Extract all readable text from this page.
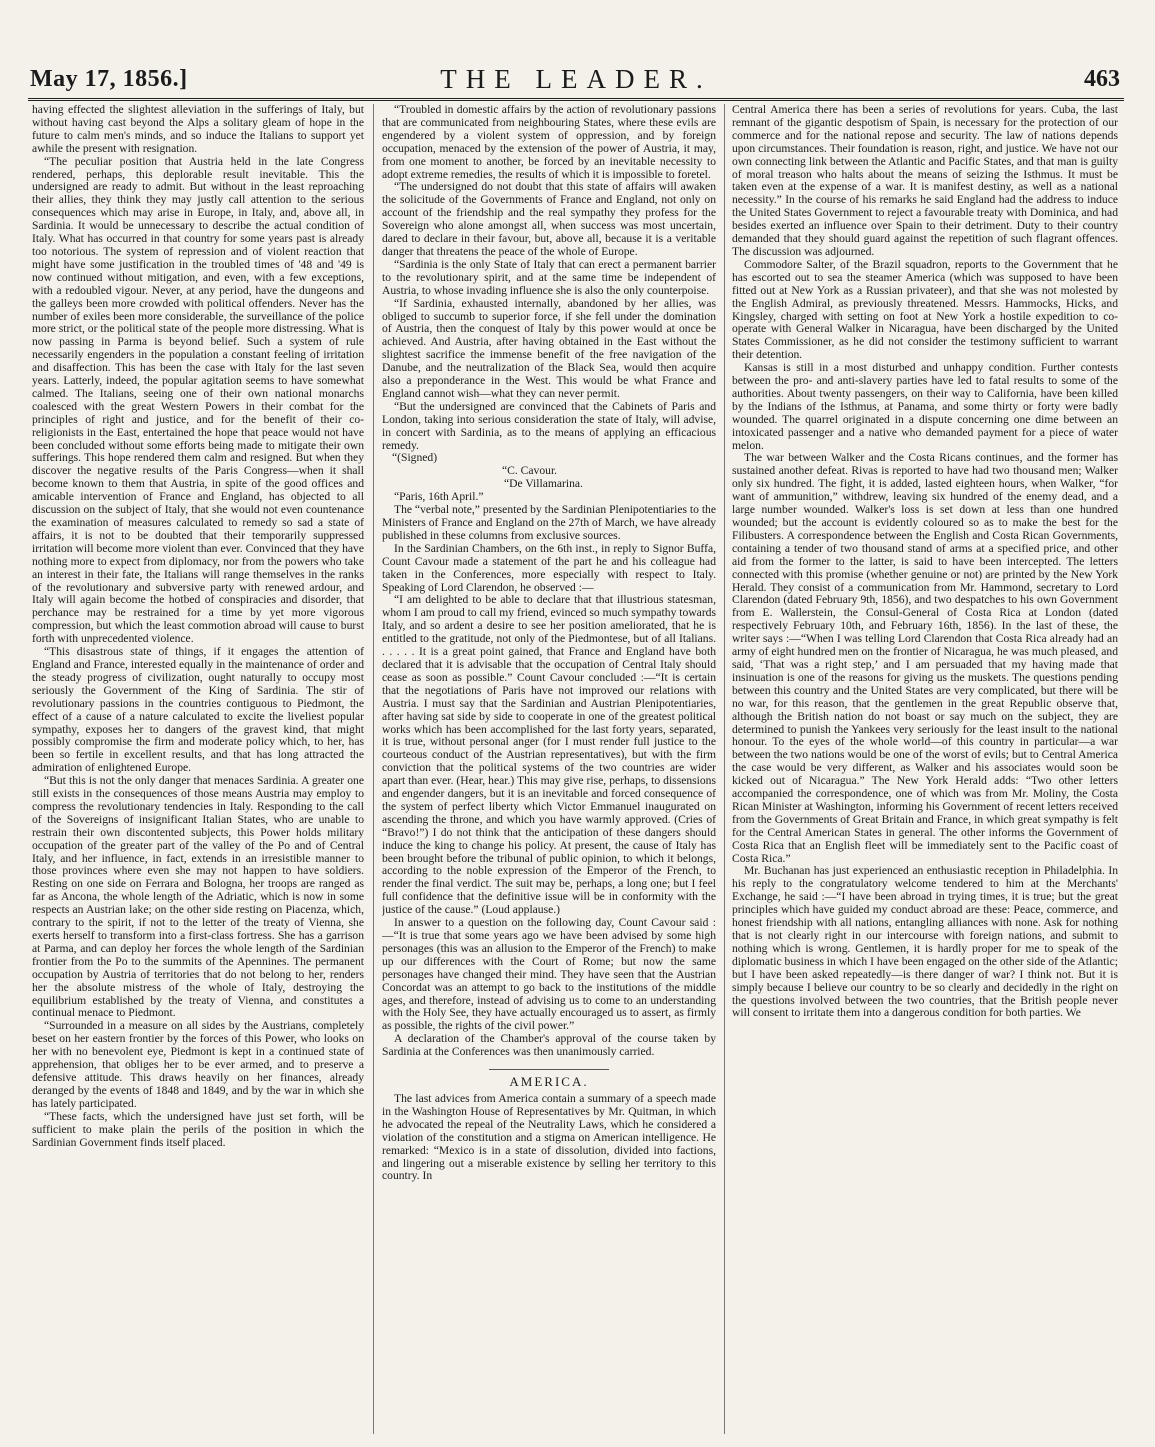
May 17, 1856.]	THE LEADER.	463

having effected the slightest alleviation in the sufferings of Italy, but without having cast beyond the Alps a solitary gleam of hope in the future to calm men's minds, and so induce the Italians to support yet awhile the present with resignation.

“The peculiar position that Austria held in the late Congress rendered, perhaps, this deplorable result inevitable. This the undersigned are ready to admit. But without in the least reproaching their allies, they think they may justly call attention to the serious consequences which may arise in Europe, in Italy, and, above all, in Sardinia. It would be unnecessary to describe the actual condition of Italy. What has occurred in that country for some years past is already too notorious. The system of repression and of violent reaction that might have some justification in the troubled times of '48 and '49 is now continued without mitigation, and even, with a few exceptions, with a redoubled vigour. Never, at any period, have the dungeons and the galleys been more crowded with political offenders. Never has the number of exiles been more considerable, the surveillance of the police more strict, or the political state of the people more distressing. What is now passing in Parma is beyond belief. Such a system of rule necessarily engenders in the population a constant feeling of irritation and disaffection. This has been the case with Italy for the last seven years. Latterly, indeed, the popular agitation seems to have somewhat calmed. The Italians, seeing one of their own national monarchs coalesced with the great Western Powers in their combat for the principles of right and justice, and for the benefit of their co-religionists in the East, entertained the hope that peace would not have been concluded without some efforts being made to mitigate their own sufferings. This hope rendered them calm and resigned. But when they discover the negative results of the Paris Congress—when it shall become known to them that Austria, in spite of the good offices and amicable intervention of France and England, has objected to all discussion on the subject of Italy, that she would not even countenance the examination of measures calculated to remedy so sad a state of affairs, it is not to be doubted that their temporarily suppressed irritation will become more violent than ever. Convinced that they have nothing more to expect from diplomacy, nor from the powers who take an interest in their fate, the Italians will range themselves in the ranks of the revolutionary and subversive party with renewed ardour, and Italy will again become the hotbed of conspiracies and disorder, that perchance may be restrained for a time by yet more vigorous compression, but which the least commotion abroad will cause to burst forth with unprecedented violence.

“This disastrous state of things, if it engages the attention of England and France, interested equally in the maintenance of order and the steady progress of civilization, ought naturally to occupy most seriously the Government of the King of Sardinia. The stir of revolutionary passions in the countries contiguous to Piedmont, the effect of a cause of a nature calculated to excite the liveliest popular sympathy, exposes her to dangers of the gravest kind, that might possibly compromise the firm and moderate policy which, to her, has been so fertile in excellent results, and that has long attracted the admiration of enlightened Europe.

“But this is not the only danger that menaces Sardinia. A greater one still exists in the consequences of those means Austria may employ to compress the revolutionary tendencies in Italy. Responding to the call of the Sovereigns of insignificant Italian States, who are unable to restrain their own discontented subjects, this Power holds military occupation of the greater part of the valley of the Po and of Central Italy, and her influence, in fact, extends in an irresistible manner to those provinces where even she may not happen to have soldiers. Resting on one side on Ferrara and Bologna, her troops are ranged as far as Ancona, the whole length of the Adriatic, which is now in some respects an Austrian lake; on the other side resting on Piacenza, which, contrary to the spirit, if not to the letter of the treaty of Vienna, she exerts herself to transform into a first-class fortress. She has a garrison at Parma, and can deploy her forces the whole length of the Sardinian frontier from the Po to the summits of the Apennines. The permanent occupation by Austria of territories that do not belong to her, renders her the absolute mistress of the whole of Italy, destroying the equilibrium established by the treaty of Vienna, and constitutes a continual menace to Piedmont.

“Surrounded in a measure on all sides by the Austrians, completely beset on her eastern frontier by the forces of this Power, who looks on her with no benevolent eye, Piedmont is kept in a continued state of apprehension, that obliges her to be ever armed, and to preserve a defensive attitude. This draws heavily on her finances, already deranged by the events of 1848 and 1849, and by the war in which she has lately participated.

“These facts, which the undersigned have just set forth, will be sufficient to make plain the perils of the position in which the Sardinian Government finds itself placed.

“Troubled in domestic affairs by the action of revolutionary passions that are communicated from neighbouring States, where these evils are engendered by a violent system of oppression, and by foreign occupation, menaced by the extension of the power of Austria, it may, from one moment to another, be forced by an inevitable necessity to adopt extreme remedies, the results of which it is impossible to foretel.

“The undersigned do not doubt that this state of affairs will awaken the solicitude of the Governments of France and England, not only on account of the friendship and the real sympathy they profess for the Sovereign who alone amongst all, when success was most uncertain, dared to declare in their favour, but, above all, because it is a veritable danger that threatens the peace of the whole of Europe.

“Sardinia is the only State of Italy that can erect a permanent barrier to the revolutionary spirit, and at the same time be independent of Austria, to whose invading influence she is also the only counterpoise.

“If Sardinia, exhausted internally, abandoned by her allies, was obliged to succumb to superior force, if she fell under the domination of Austria, then the conquest of Italy by this power would at once be achieved. And Austria, after having obtained in the East without the slightest sacrifice the immense benefit of the free navigation of the Danube, and the neutralization of the Black Sea, would then acquire also a preponderance in the West. This would be what France and England cannot wish—what they can never permit.

“But the undersigned are convinced that the Cabinets of Paris and London, taking into serious consideration the state of Italy, will advise, in concert with Sardinia, as to the means of applying an efficacious remedy.

“(Signed)

“C. Cavour.

“De Villamarina.

“Paris, 16th April.”

The “verbal note,” presented by the Sardinian Plenipotentiaries to the Ministers of France and England on the 27th of March, we have already published in these columns from exclusive sources.

In the Sardinian Chambers, on the 6th inst., in reply to Signor Buffa, Count Cavour made a statement of the part he and his colleague had taken in the Conferences, more especially with respect to Italy. Speaking of Lord Clarendon, he observed :—

“I am delighted to be able to declare that that illustrious statesman, whom I am proud to call my friend, evinced so much sympathy towards Italy, and so ardent a desire to see her position ameliorated, that he is entitled to the gratitude, not only of the Piedmontese, but of all Italians. . . . . . It is a great point gained, that France and England have both declared that it is advisable that the occupation of Central Italy should cease as soon as possible.” Count Cavour concluded :—“It is certain that the negotiations of Paris have not improved our relations with Austria. I must say that the Sardinian and Austrian Plenipotentiaries, after having sat side by side to cooperate in one of the greatest political works which has been accomplished for the last forty years, separated, it is true, without personal anger (for I must render full justice to the courteous conduct of the Austrian representatives), but with the firm conviction that the political systems of the two countries are wider apart than ever. (Hear, hear.) This may give rise, perhaps, to dissensions and engender dangers, but it is an inevitable and forced consequence of the system of perfect liberty which Victor Emmanuel inaugurated on ascending the throne, and which you have warmly approved. (Cries of “Bravo!”) I do not think that the anticipation of these dangers should induce the king to change his policy. At present, the cause of Italy has been brought before the tribunal of public opinion, to which it belongs, according to the noble expression of the Emperor of the French, to render the final verdict. The suit may be, perhaps, a long one; but I feel full confidence that the definitive issue will be in conformity with the justice of the cause.” (Loud applause.)

In answer to a question on the following day, Count Cavour said :—“It is true that some years ago we have been advised by some high personages (this was an allusion to the Emperor of the French) to make up our differences with the Court of Rome; but now the same personages have changed their mind. They have seen that the Austrian Concordat was an attempt to go back to the institutions of the middle ages, and therefore, instead of advising us to come to an understanding with the Holy See, they have actually encouraged us to assert, as firmly as possible, the rights of the civil power.”

A declaration of the Chamber's approval of the course taken by Sardinia at the Conferences was then unanimously carried.

AMERICA.

The last advices from America contain a summary of a speech made in the Washington House of Representatives by Mr. Quitman, in which he advocated the repeal of the Neutrality Laws, which he considered a violation of the constitution and a stigma on American intelligence. He remarked: “Mexico is in a state of dissolution, divided into factions, and lingering out a miserable existence by selling her territory to this country. In

Central America there has been a series of revolutions for years. Cuba, the last remnant of the gigantic despotism of Spain, is necessary for the protection of our commerce and for the national repose and security. The law of nations depends upon circumstances. Their foundation is reason, right, and justice. We have not our own connecting link between the Atlantic and Pacific States, and that man is guilty of moral treason who halts about the means of seizing the Isthmus. It must be taken even at the expense of a war. It is manifest destiny, as well as a national necessity.” In the course of his remarks he said England had the address to induce the United States Government to reject a favourable treaty with Dominica, and had besides exerted an influence over Spain to their detriment. Duty to their country demanded that they should guard against the repetition of such flagrant offences. The discussion was adjourned.

Commodore Salter, of the Brazil squadron, reports to the Government that he has escorted out to sea the steamer America (which was supposed to have been fitted out at New York as a Russian privateer), and that she was not molested by the English Admiral, as previously threatened. Messrs. Hammocks, Hicks, and Kingsley, charged with setting on foot at New York a hostile expedition to co-operate with General Walker in Nicaragua, have been discharged by the United States Commissioner, as he did not consider the testimony sufficient to warrant their detention.

Kansas is still in a most disturbed and unhappy condition. Further contests between the pro- and anti-slavery parties have led to fatal results to some of the authorities. About twenty passengers, on their way to California, have been killed by the Indians of the Isthmus, at Panama, and some thirty or forty were badly wounded. The quarrel originated in a dispute concerning one dime between an intoxicated passenger and a native who demanded payment for a piece of water melon.

The war between Walker and the Costa Ricans continues, and the former has sustained another defeat. Rivas is reported to have had two thousand men; Walker only six hundred. The fight, it is added, lasted eighteen hours, when Walker, “for want of ammunition,” withdrew, leaving six hundred of the enemy dead, and a large number wounded. Walker's loss is set down at less than one hundred wounded; but the account is evidently coloured so as to make the best for the Filibusters. A correspondence between the English and Costa Rican Governments, containing a tender of two thousand stand of arms at a specified price, and other aid from the former to the latter, is said to have been intercepted. The letters connected with this promise (whether genuine or not) are printed by the New York Herald. They consist of a communication from Mr. Hammond, secretary to Lord Clarendon (dated February 9th, 1856), and two despatches to his own Government from E. Wallerstein, the Consul-General of Costa Rica at London (dated respectively February 10th, and February 16th, 1856). In the last of these, the writer says :—“When I was telling Lord Clarendon that Costa Rica already had an army of eight hundred men on the frontier of Nicaragua, he was much pleased, and said, ‘That was a right step,’ and I am persuaded that my having made that insinuation is one of the reasons for giving us the muskets. The questions pending between this country and the United States are very complicated, but there will be no war, for this reason, that the gentlemen in the great Republic observe that, although the British nation do not boast or say much on the subject, they are determined to punish the Yankees very seriously for the least insult to the national honour. To the eyes of the whole world—of this country in particular—a war between the two nations would be one of the worst of evils; but to Central America the case would be very different, as Walker and his associates would soon be kicked out of Nicaragua.” The New York Herald adds: “Two other letters accompanied the correspondence, one of which was from Mr. Moliny, the Costa Rican Minister at Washington, informing his Government of recent letters received from the Governments of Great Britain and France, in which great sympathy is felt for the Central American States in general. The other informs the Government of Costa Rica that an English fleet will be immediately sent to the Pacific coast of Costa Rica.”

Mr. Buchanan has just experienced an enthusiastic reception in Philadelphia. In his reply to the congratulatory welcome tendered to him at the Merchants' Exchange, he said :—“I have been abroad in trying times, it is true; but the great principles which have guided my conduct abroad are these: Peace, commerce, and honest friendship with all nations, entangling alliances with none. Ask for nothing that is not clearly right in our intercourse with foreign nations, and submit to nothing which is wrong. Gentlemen, it is hardly proper for me to speak of the diplomatic business in which I have been engaged on the other side of the Atlantic; but I have been asked repeatedly—is there danger of war? I think not. But it is simply because I believe our country to be so clearly and decidedly in the right on the questions involved between the two countries, that the British people never will consent to irritate them into a dangerous condition for both parties. We
